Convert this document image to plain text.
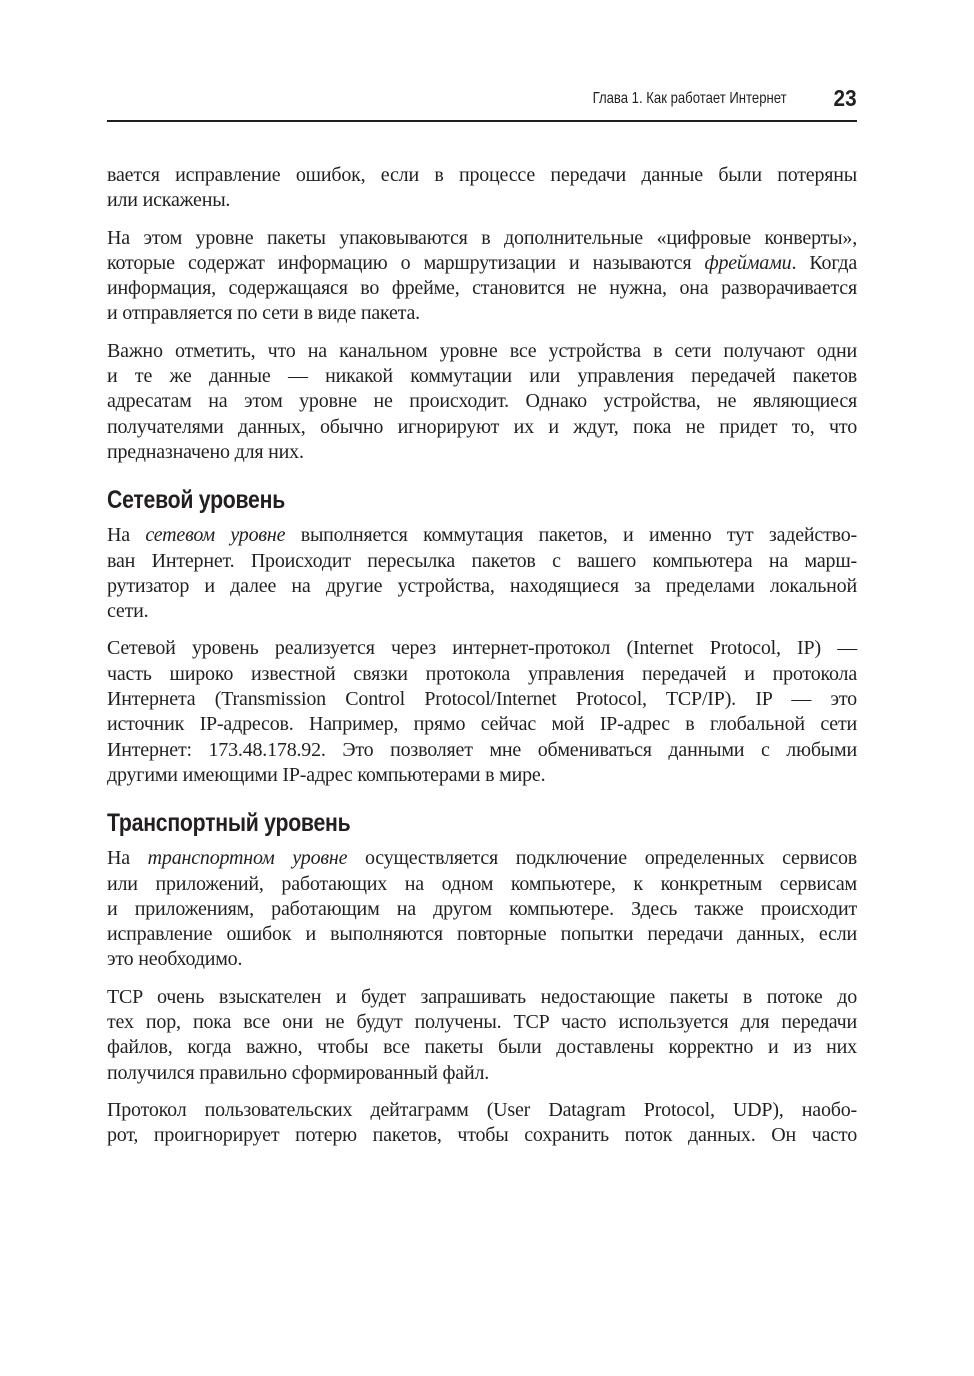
Глава 1. Как работает Интернет 23
вается исправление ошибок, если в процессе передачи данные были потеряны
или искажены.
На этом уровне пакеты упаковываются в дополнительные «цифровые конверты»,
которые содержат информацию о маршрутизации и называются фреймами. Когда
информация, содержащаяся во фрейме, становится не нужна, она разворачивается
и отправляется по сети в виде пакета.
Важно отметить, что на канальном уровне все устройства в сети получают одни
и те же данные — никакой коммутации или управления передачей пакетов
адресатам на этом уровне не происходит. Однако устройства, не являющиеся
получателями данных, обычно игнорируют их и ждут, пока не придет то, что
предназначено для них.
Сетевой уровень
На сетевом уровне выполняется коммутация пакетов, и именно тут задейство-
ван Интернет. Происходит пересылка пакетов с вашего компьютера на марш-
рутизатор и далее на другие устройства, находящиеся за пределами локальной
сети.
Сетевой уровень реализуется через интернет-протокол (Internet Protocol, IP) —
часть широко известной связки протокола управления передачей и протокола
Интернета (Transmission Control Protocol/Internet Protocol, TCP/IP). IP — это
источник IP-адресов. Например, прямо сейчас мой IP-адрес в глобальной сети
Интернет: 173.48.178.92. Это позволяет мне обмениваться данными с любыми
другими имеющими IP-адрес компьютерами в мире.
Транспортный уровень
На транспортном уровне осуществляется подключение определенных сервисов
или приложений, работающих на одном компьютере, к конкретным сервисам
и приложениям, работающим на другом компьютере. Здесь также происходит
исправление ошибок и выполняются повторные попытки передачи данных, если
это необходимо.
TCP очень взыскателен и будет запрашивать недостающие пакеты в потоке до
тех пор, пока все они не будут получены. TCP часто используется для передачи
файлов, когда важно, чтобы все пакеты были доставлены корректно и из них
получился правильно сформированный файл.
Протокол пользовательских дейтаграмм (User Datagram Protocol, UDP), наобо-
рот, проигнорирует потерю пакетов, чтобы сохранить поток данных. Он часто
